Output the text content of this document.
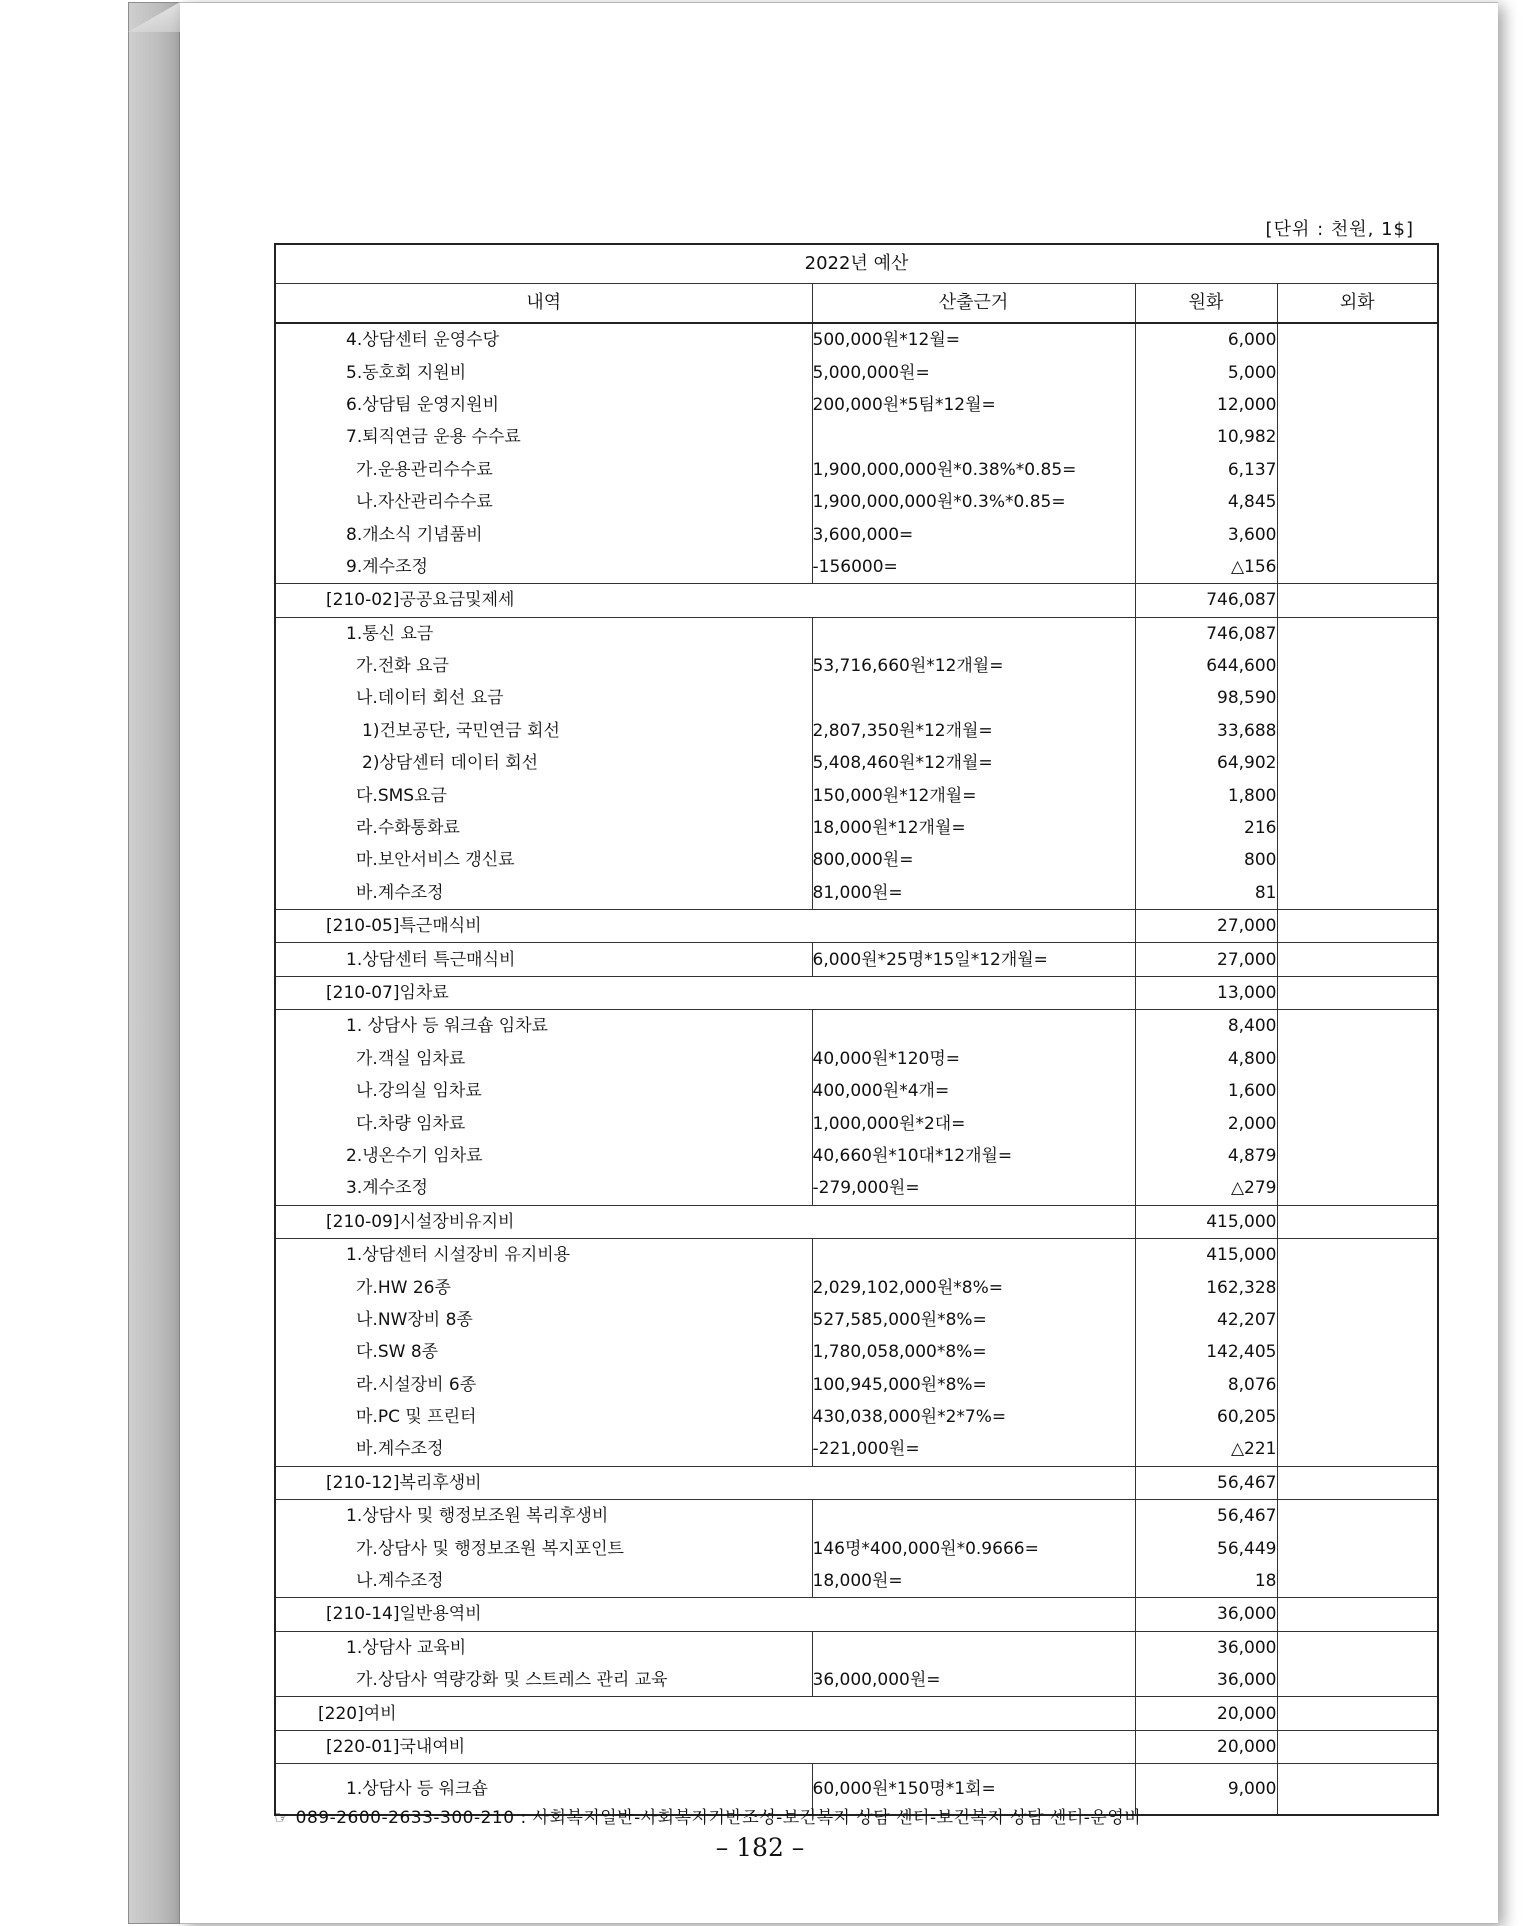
[단위 : 천원, 1$]
2022년 예산			
내역	산출근거	원화	외화
4.상담센터 운영수당	500,000원*12월=	6,000	
5.동호회 지원비	5,000,000원=	5,000	
6.상담팀 운영지원비	200,000원*5팀*12월=	12,000	
7.퇴직연금 운용 수수료		10,982	
가.운용관리수수료	1,900,000,000원*0.38%*0.85=	6,137	
나.자산관리수수료	1,900,000,000원*0.3%*0.85=	4,845	
8.개소식 기념품비	3,600,000=	3,600	
9.계수조정	-156000=	△156	
[210-02]공공요금및제세		746,087	
1.통신 요금		746,087	
가.전화 요금	53,716,660원*12개월=	644,600	
나.데이터 회선 요금		98,590	
1)건보공단, 국민연금 회선	2,807,350원*12개월=	33,688	
2)상담센터 데이터 회선	5,408,460원*12개월=	64,902	
다.SMS요금	150,000원*12개월=	1,800	
라.수화통화료	18,000원*12개월=	216	
마.보안서비스 갱신료	800,000원=	800	
바.계수조정	81,000원=	81	
[210-05]특근매식비		27,000	
1.상담센터 특근매식비	6,000원*25명*15일*12개월=	27,000	
[210-07]임차료		13,000	
1. 상담사 등 워크숍 임차료		8,400	
가.객실 임차료	40,000원*120명=	4,800	
나.강의실 임차료	400,000원*4개=	1,600	
다.차량 임차료	1,000,000원*2대=	2,000	
2.냉온수기 임차료	40,660원*10대*12개월=	4,879	
3.계수조정	-279,000원=	△279	
[210-09]시설장비유지비		415,000	
1.상담센터 시설장비 유지비용		415,000	
가.HW 26종	2,029,102,000원*8%=	162,328	
나.NW장비 8종	527,585,000원*8%=	42,207	
다.SW 8종	1,780,058,000*8%=	142,405	
라.시설장비 6종	100,945,000원*8%=	8,076	
마.PC 및 프린터	430,038,000원*2*7%=	60,205	
바.계수조정	-221,000원=	△221	
[210-12]복리후생비		56,467	
1.상담사 및 행정보조원 복리후생비		56,467	
가.상담사 및 행정보조원 복지포인트	146명*400,000원*0.9666=	56,449	
나.계수조정	18,000원=	18	
[210-14]일반용역비		36,000	
1.상담사 교육비		36,000	
가.상담사 역량강화 및 스트레스 관리 교육	36,000,000원=	36,000	
[220]여비		20,000	
[220-01]국내여비		20,000	
1.상담사 등 워크숍	60,000원*150명*1회=	9,000	
☞ 089-2600-2633-300-210 : 사회복지일반-사회복지기반조성-보건복지 상담 센터-보건복지 상담 센터-운영비
– 182 –
